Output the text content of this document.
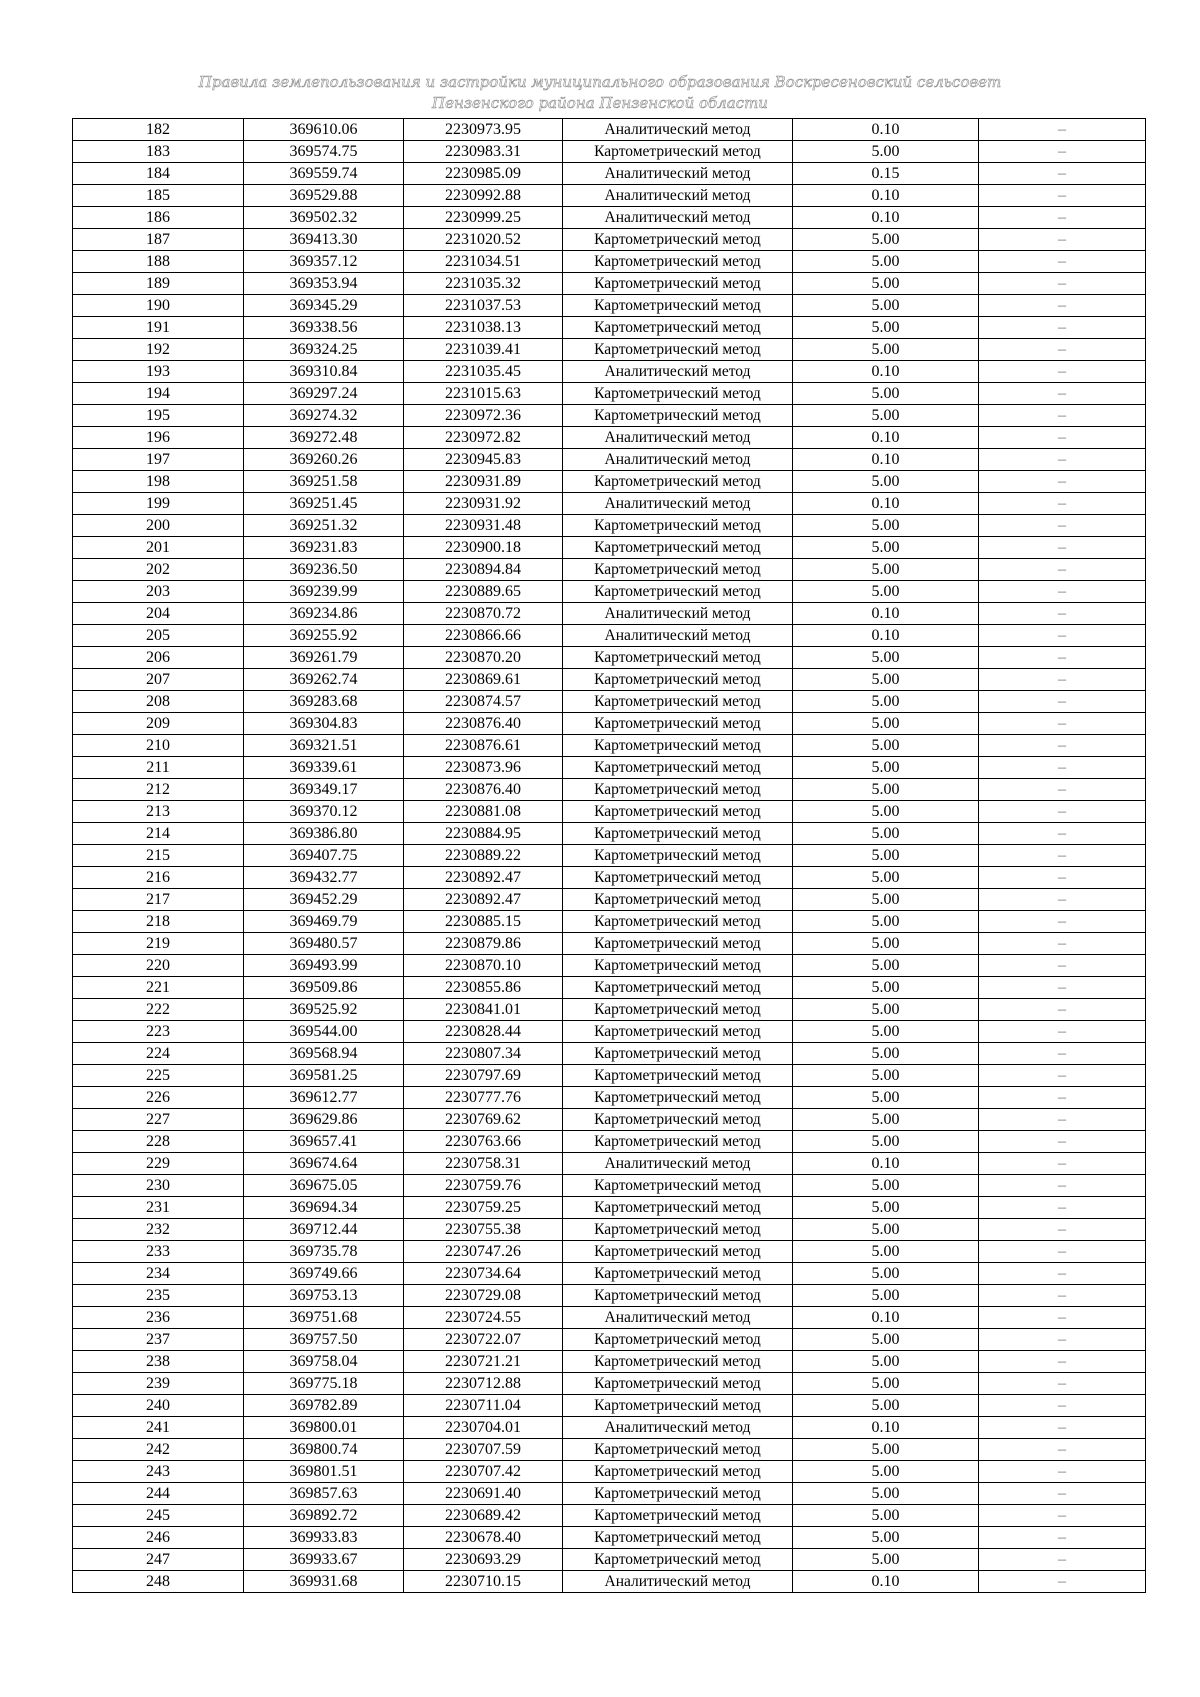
Правила землепользования и застройки муниципального образования Воскресеновский сельсовет
Пензенского района Пензенской области
182	369610.06	2230973.95	Аналитический метод	0.10	–
183	369574.75	2230983.31	Картометрический метод	5.00	–
184	369559.74	2230985.09	Аналитический метод	0.15	–
185	369529.88	2230992.88	Аналитический метод	0.10	–
186	369502.32	2230999.25	Аналитический метод	0.10	–
187	369413.30	2231020.52	Картометрический метод	5.00	–
188	369357.12	2231034.51	Картометрический метод	5.00	–
189	369353.94	2231035.32	Картометрический метод	5.00	–
190	369345.29	2231037.53	Картометрический метод	5.00	–
191	369338.56	2231038.13	Картометрический метод	5.00	–
192	369324.25	2231039.41	Картометрический метод	5.00	–
193	369310.84	2231035.45	Аналитический метод	0.10	–
194	369297.24	2231015.63	Картометрический метод	5.00	–
195	369274.32	2230972.36	Картометрический метод	5.00	–
196	369272.48	2230972.82	Аналитический метод	0.10	–
197	369260.26	2230945.83	Аналитический метод	0.10	–
198	369251.58	2230931.89	Картометрический метод	5.00	–
199	369251.45	2230931.92	Аналитический метод	0.10	–
200	369251.32	2230931.48	Картометрический метод	5.00	–
201	369231.83	2230900.18	Картометрический метод	5.00	–
202	369236.50	2230894.84	Картометрический метод	5.00	–
203	369239.99	2230889.65	Картометрический метод	5.00	–
204	369234.86	2230870.72	Аналитический метод	0.10	–
205	369255.92	2230866.66	Аналитический метод	0.10	–
206	369261.79	2230870.20	Картометрический метод	5.00	–
207	369262.74	2230869.61	Картометрический метод	5.00	–
208	369283.68	2230874.57	Картометрический метод	5.00	–
209	369304.83	2230876.40	Картометрический метод	5.00	–
210	369321.51	2230876.61	Картометрический метод	5.00	–
211	369339.61	2230873.96	Картометрический метод	5.00	–
212	369349.17	2230876.40	Картометрический метод	5.00	–
213	369370.12	2230881.08	Картометрический метод	5.00	–
214	369386.80	2230884.95	Картометрический метод	5.00	–
215	369407.75	2230889.22	Картометрический метод	5.00	–
216	369432.77	2230892.47	Картометрический метод	5.00	–
217	369452.29	2230892.47	Картометрический метод	5.00	–
218	369469.79	2230885.15	Картометрический метод	5.00	–
219	369480.57	2230879.86	Картометрический метод	5.00	–
220	369493.99	2230870.10	Картометрический метод	5.00	–
221	369509.86	2230855.86	Картометрический метод	5.00	–
222	369525.92	2230841.01	Картометрический метод	5.00	–
223	369544.00	2230828.44	Картометрический метод	5.00	–
224	369568.94	2230807.34	Картометрический метод	5.00	–
225	369581.25	2230797.69	Картометрический метод	5.00	–
226	369612.77	2230777.76	Картометрический метод	5.00	–
227	369629.86	2230769.62	Картометрический метод	5.00	–
228	369657.41	2230763.66	Картометрический метод	5.00	–
229	369674.64	2230758.31	Аналитический метод	0.10	–
230	369675.05	2230759.76	Картометрический метод	5.00	–
231	369694.34	2230759.25	Картометрический метод	5.00	–
232	369712.44	2230755.38	Картометрический метод	5.00	–
233	369735.78	2230747.26	Картометрический метод	5.00	–
234	369749.66	2230734.64	Картометрический метод	5.00	–
235	369753.13	2230729.08	Картометрический метод	5.00	–
236	369751.68	2230724.55	Аналитический метод	0.10	–
237	369757.50	2230722.07	Картометрический метод	5.00	–
238	369758.04	2230721.21	Картометрический метод	5.00	–
239	369775.18	2230712.88	Картометрический метод	5.00	–
240	369782.89	2230711.04	Картометрический метод	5.00	–
241	369800.01	2230704.01	Аналитический метод	0.10	–
242	369800.74	2230707.59	Картометрический метод	5.00	–
243	369801.51	2230707.42	Картометрический метод	5.00	–
244	369857.63	2230691.40	Картометрический метод	5.00	–
245	369892.72	2230689.42	Картометрический метод	5.00	–
246	369933.83	2230678.40	Картометрический метод	5.00	–
247	369933.67	2230693.29	Картометрический метод	5.00	–
248	369931.68	2230710.15	Аналитический метод	0.10	–
